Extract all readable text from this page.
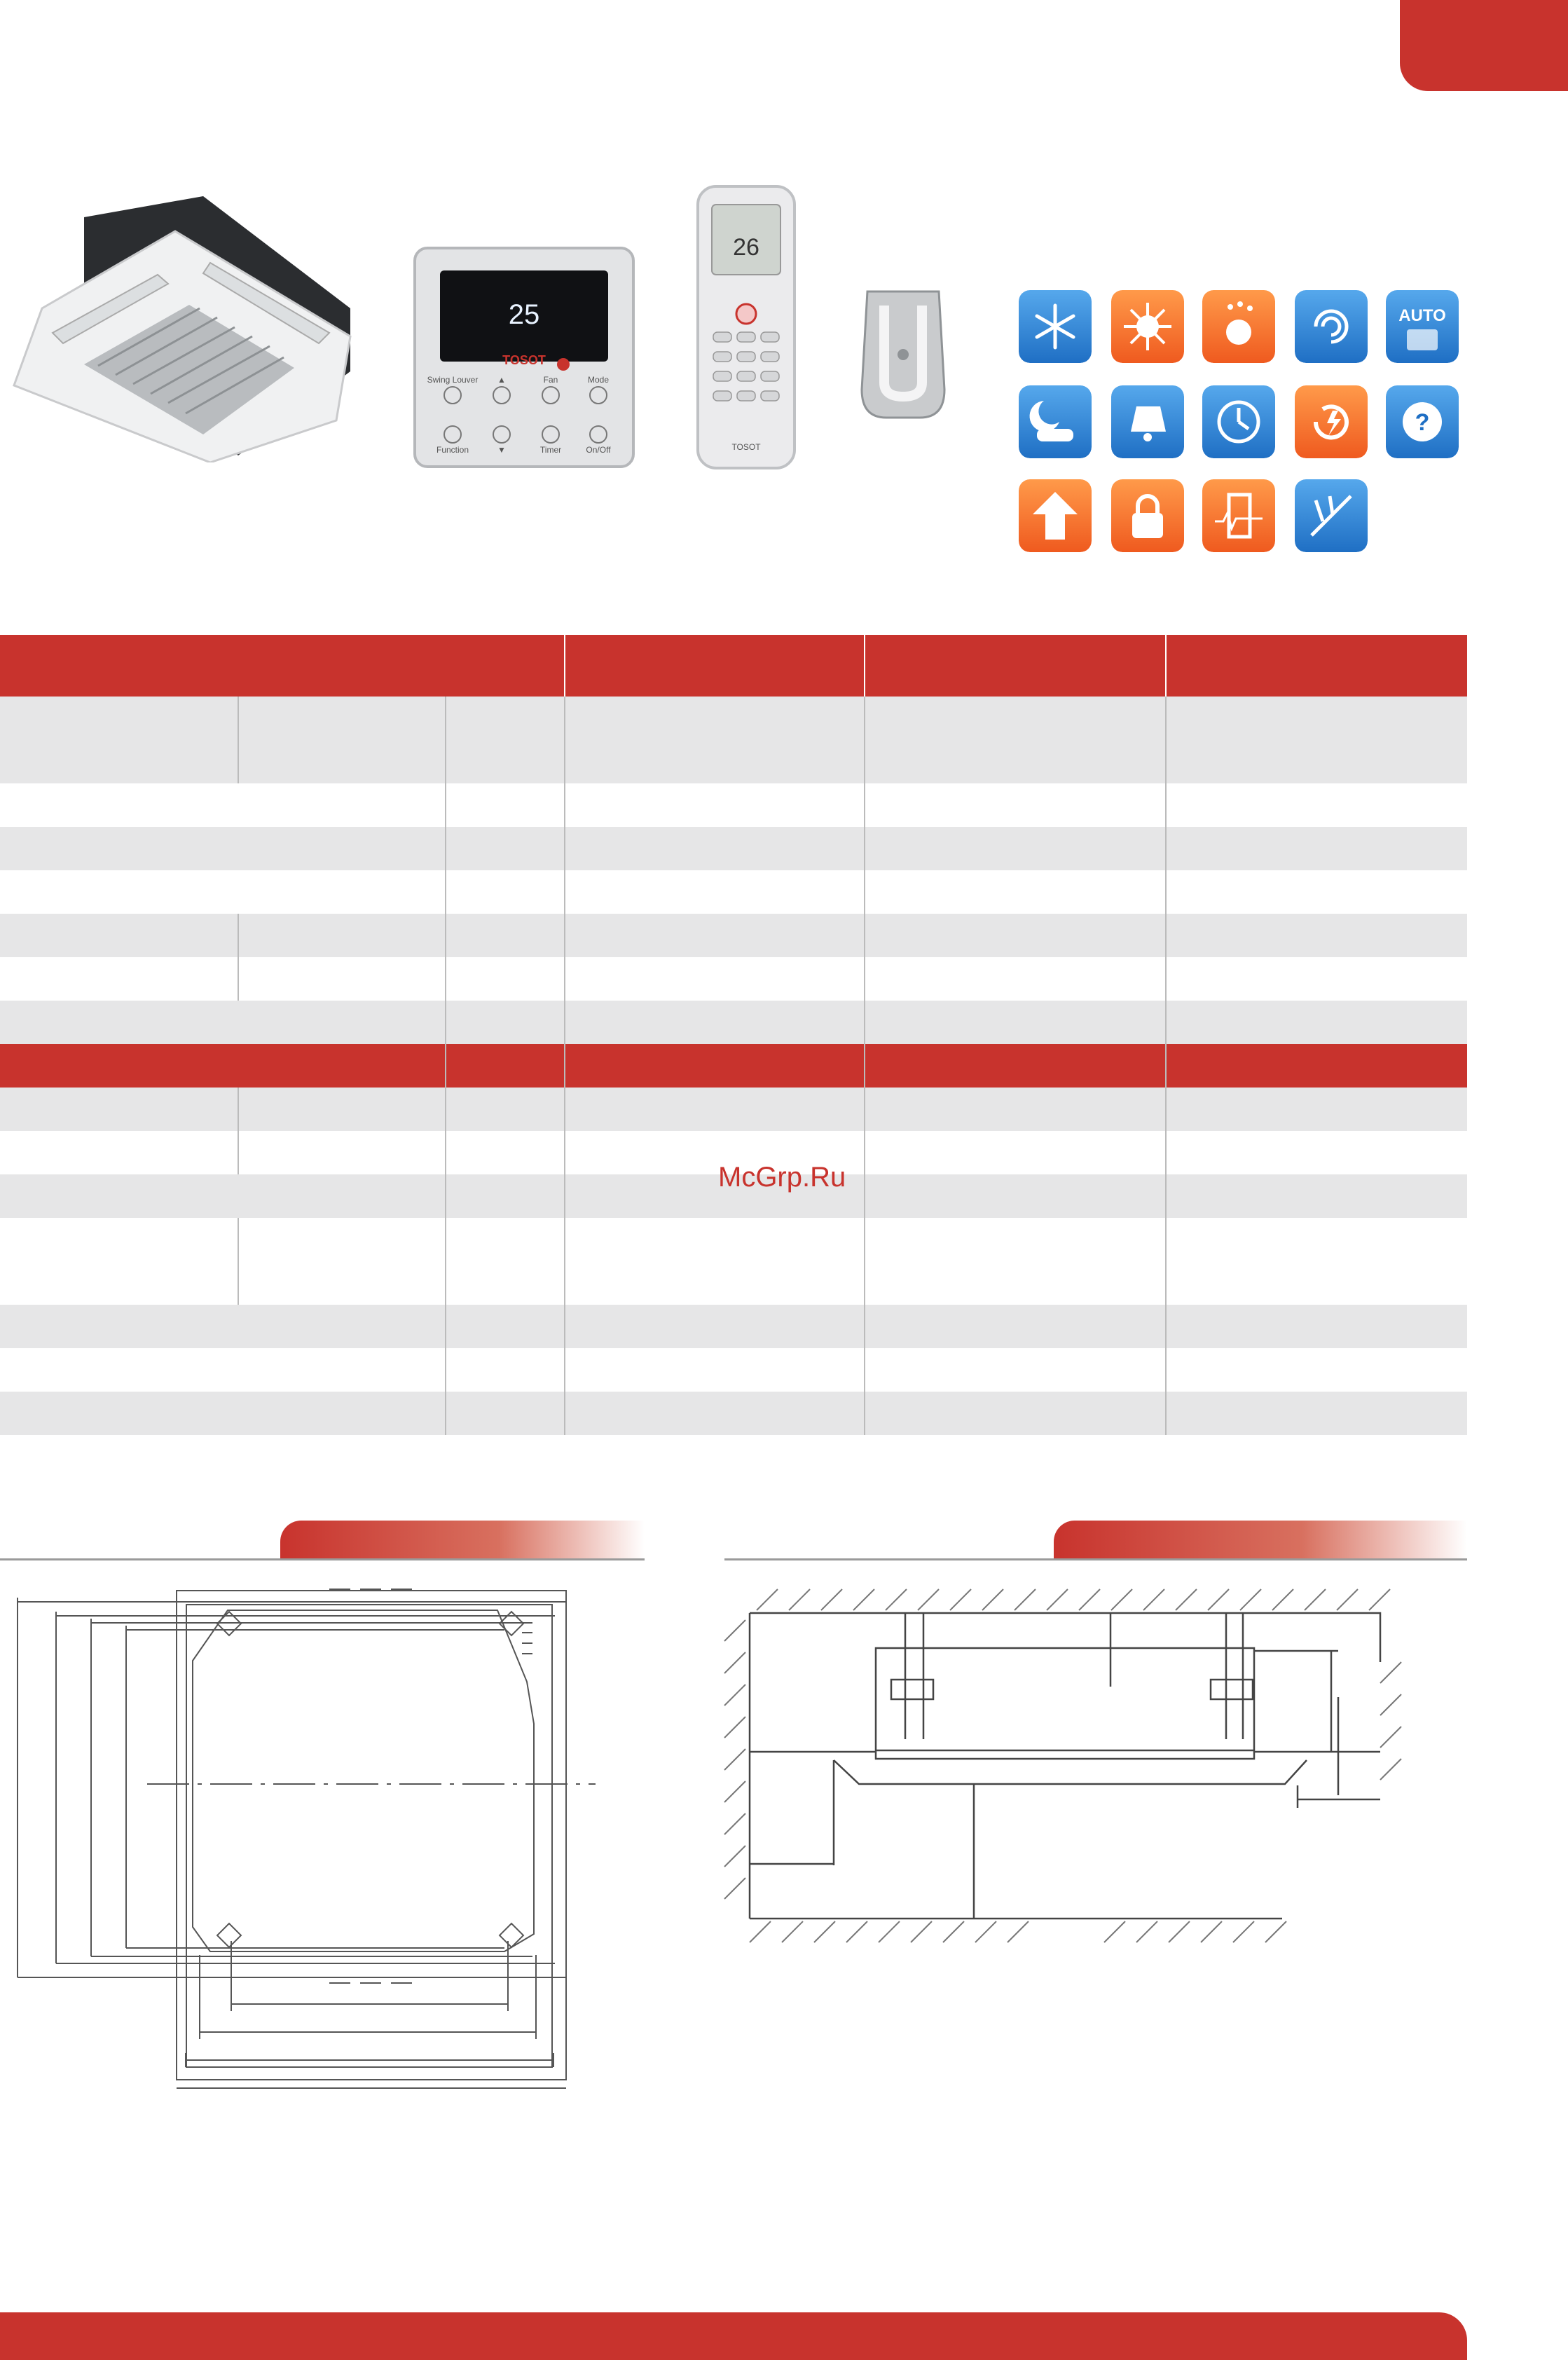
25
TOSOT
Swing Louver ▲	Fan	Mode
Function	▼	Timer	On/Off
26
TOSOT
AUTO
?
McGrp.Ru
